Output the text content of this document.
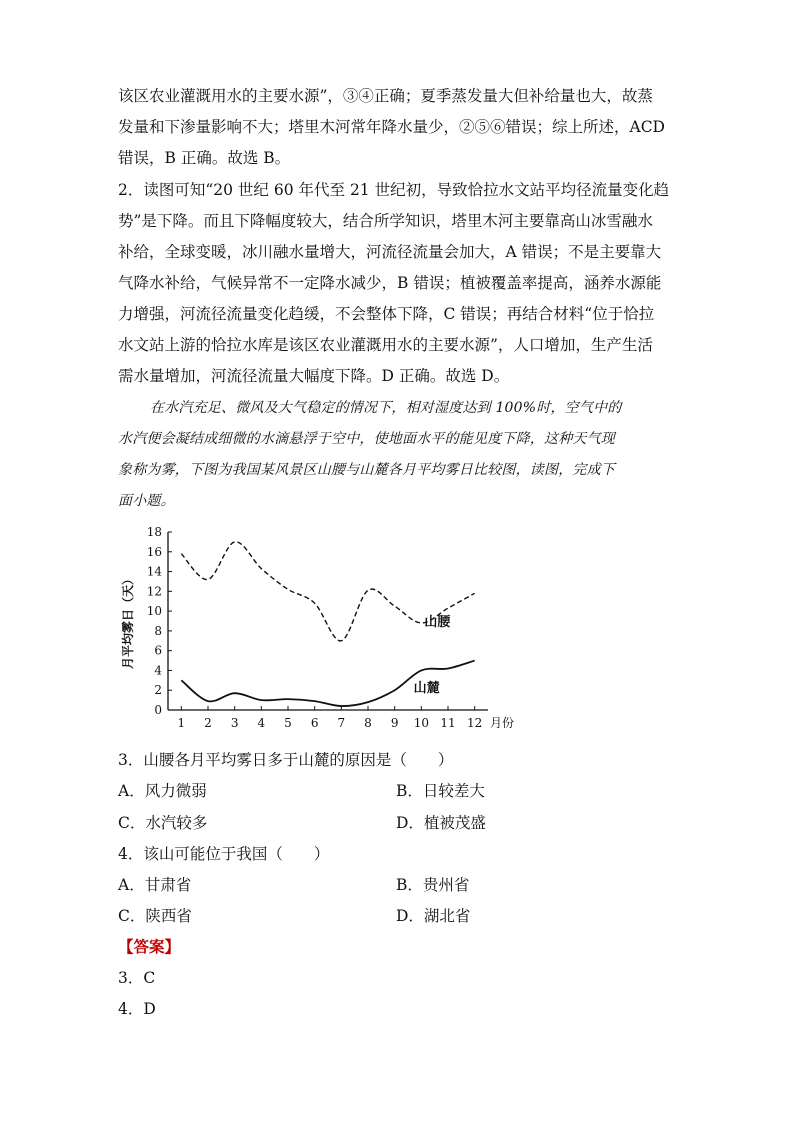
该区农业灌溉用水的主要水源”，③④正确；夏季蒸发量大但补给量也大，故蒸
发量和下渗量影响不大；塔里木河常年降水量少，②⑤⑥错误；综上所述，ACD
错误，B 正确。故选 B。
2．读图可知“20 世纪 60 年代至 21 世纪初，导致恰拉水文站平均径流量变化趋
势”是下降。而且下降幅度较大，结合所学知识，塔里木河主要靠高山冰雪融水
补给，全球变暖，冰川融水量增大，河流径流量会加大，A 错误；不是主要靠大
气降水补给，气候异常不一定降水减少，B 错误；植被覆盖率提高，涵养水源能
力增强，河流径流量变化趋缓，不会整体下降，C 错误；再结合材料“位于恰拉
水文站上游的恰拉水库是该区农业灌溉用水的主要水源”，人口增加，生产生活
需水量增加，河流径流量大幅度下降。D 正确。故选 D。
在水汽充足、微风及大气稳定的情况下，相对湿度达到 100%时，空气中的
水汽便会凝结成细微的水滴悬浮于空中，使地面水平的能见度下降，这种天气现
象称为雾，下图为我国某风景区山腰与山麓各月平均雾日比较图，读图，完成下
面小题。
0
2
4
6
8
10
12
14
16
18
1 2 3 4 5 6 7 8 9 10 11 12 月份
月平均雾日（天）	山腰
山麓
3．山腰各月平均雾日多于山麓的原因是（　　）
A．风力微弱	B．日较差大
C．水汽较多	D．植被茂盛
4．该山可能位于我国（　　）
A．甘肃省	B．贵州省
C．陕西省	D．湖北省
【答案】
3．C
4．D
